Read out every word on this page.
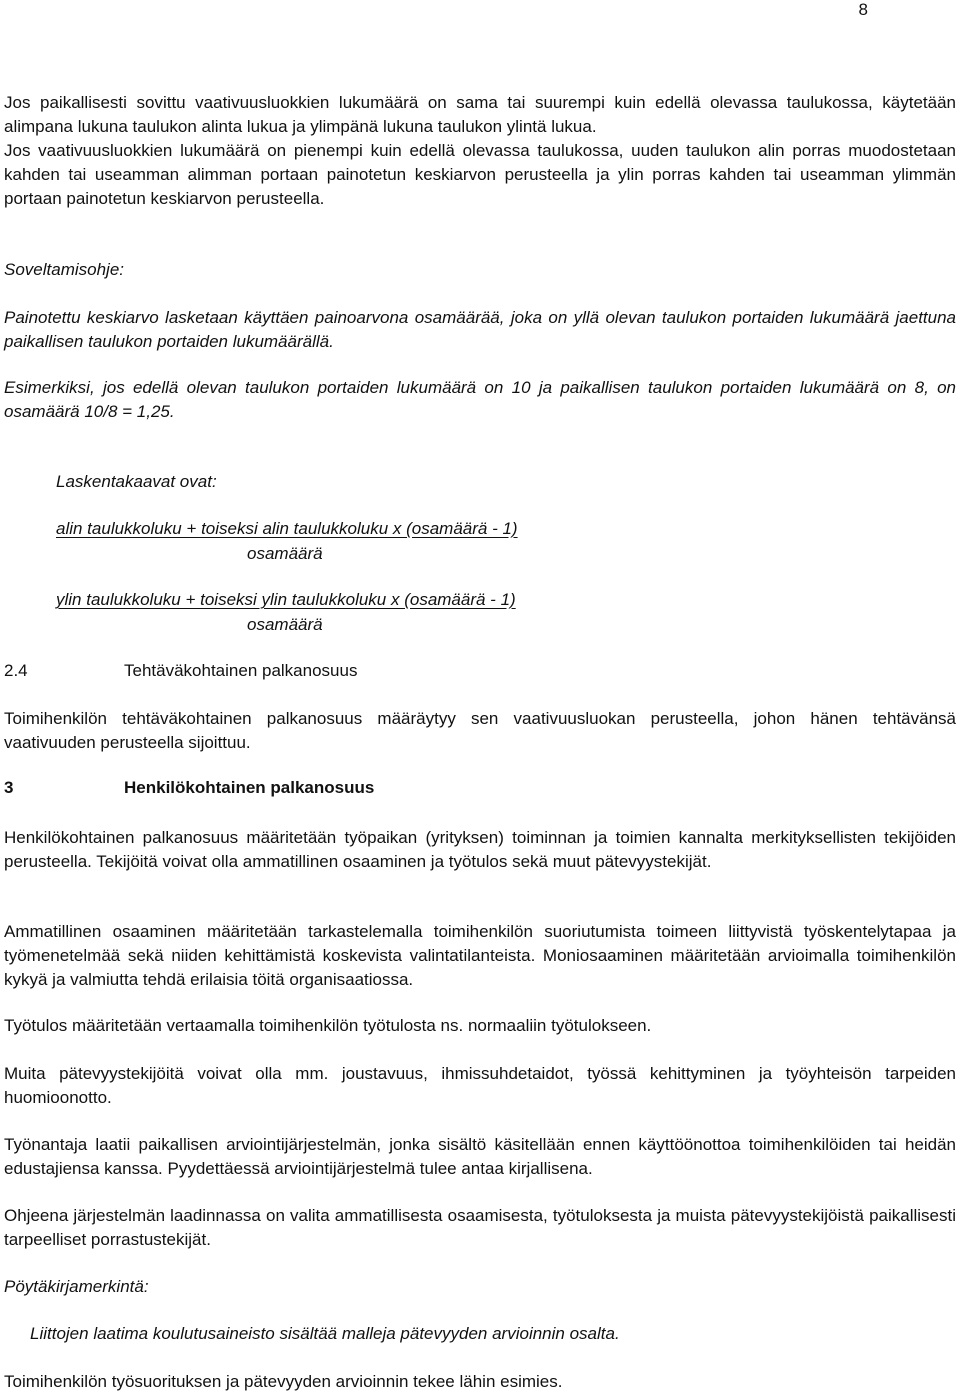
8

Jos paikallisesti sovittu vaativuusluokkien lukumäärä on sama tai suurempi kuin edellä olevassa taulukossa, käytetään alimpana lukuna taulukon alinta lukua ja ylimpänä lukuna taulukon ylintä lukua.

Jos vaativuusluokkien lukumäärä on pienempi kuin edellä olevassa taulukossa, uuden taulukon alin porras muodostetaan kahden tai useamman alimman portaan painotetun keskiarvon perusteella ja ylin porras kahden tai useamman ylimmän portaan painotetun keskiarvon perusteella.

Soveltamisohje:

Painotettu keskiarvo lasketaan käyttäen painoarvona osamäärää, joka on yllä olevan taulukon portaiden lukumäärä jaettuna paikallisen taulukon portaiden lukumäärällä.

Esimerkiksi, jos edellä olevan taulukon portaiden lukumäärä on 10 ja paikallisen taulukon portaiden lukumäärä on 8, on osamäärä 10/8 = 1,25.

Laskentakaavat ovat:

alin taulukkoluku + toiseksi alin taulukkoluku x (osamäärä - 1)

osamäärä

ylin taulukkoluku + toiseksi ylin taulukkoluku x (osamäärä - 1)

osamäärä

2.4	Tehtäväkohtainen palkanosuus

Toimihenkilön tehtäväkohtainen palkanosuus määräytyy sen vaativuusluokan perusteella, johon hänen tehtävänsä vaativuuden perusteella sijoittuu.

3	Henkilökohtainen palkanosuus

Henkilökohtainen palkanosuus määritetään työpaikan (yrityksen) toiminnan ja toimien kannalta merkityksellisten tekijöiden perusteella. Tekijöitä voivat olla ammatillinen osaaminen ja työtulos sekä muut pätevyystekijät.

Ammatillinen osaaminen määritetään tarkastelemalla toimihenkilön suoriutumista toimeen liittyvistä työskentelytapaa ja työmenetelmää sekä niiden kehittämistä koskevista valintatilanteista. Moniosaaminen määritetään arvioimalla toimihenkilön kykyä ja valmiutta tehdä erilaisia töitä organisaatiossa.

Työtulos määritetään vertaamalla toimihenkilön työtulosta ns. normaaliin työtulokseen.

Muita pätevyystekijöitä voivat olla mm. joustavuus, ihmissuhdetaidot, työssä kehittyminen ja työyhteisön tarpeiden huomioonotto.

Työnantaja laatii paikallisen arviointijärjestelmän, jonka sisältö käsitellään ennen käyttöönottoa toimihenkilöiden tai heidän edustajiensa kanssa. Pyydettäessä arviointijärjestelmä tulee antaa kirjallisena.

Ohjeena järjestelmän laadinnassa on valita ammatillisesta osaamisesta, työtuloksesta ja muista pätevyystekijöistä paikallisesti tarpeelliset porrastustekijät.

Pöytäkirjamerkintä:

Liittojen laatima koulutusaineisto sisältää malleja pätevyyden arvioinnin osalta.

Toimihenkilön työsuorituksen ja pätevyyden arvioinnin tekee lähin esimies.
